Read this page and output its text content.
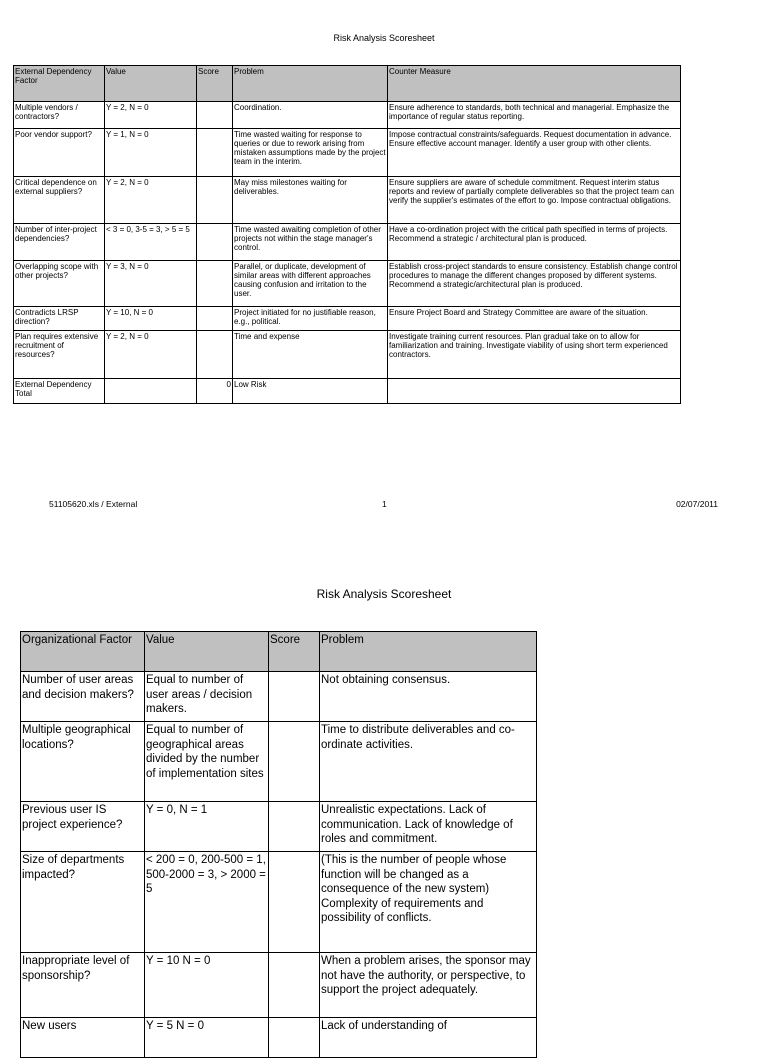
Risk Analysis Scoresheet
External Dependency Factor	Value	Score	Problem	Counter Measure
Multiple vendors / contractors?	Y = 2, N = 0		Coordination.	Ensure adherence to standards, both technical and managerial. Emphasize the importance of regular status reporting.
Poor vendor support?	Y = 1, N = 0		Time wasted waiting for response to queries or due to rework arising from mistaken assumptions made by the project team in the interim.	Impose contractual constraints/safeguards. Request documentation in advance. Ensure effective account manager. Identify a user group with other clients.
Critical dependence on external suppliers?	Y = 2, N = 0		May miss milestones waiting for deliverables.	Ensure suppliers are aware of schedule commitment. Request interim status reports and review of partially complete deliverables so that the project team can verify the supplier's estimates of the effort to go. Impose contractual obligations.
Number of inter-project dependencies?	< 3 = 0, 3-5 = 3, > 5 = 5		Time wasted awaiting completion of other projects not within the stage manager's control.	Have a co-ordination project with the critical path specified in terms of projects. Recommend a strategic / architectural plan is produced.
Overlapping scope with other projects?	Y = 3, N = 0		Parallel, or duplicate, development of similar areas with different approaches causing confusion and irritation to the user.	Establish cross-project standards to ensure consistency. Establish change control procedures to manage the different changes proposed by different systems. Recommend a strategic/architectural plan is produced.
Contradicts LRSP direction?	Y = 10, N = 0		Project initiated for no justifiable reason, e.g., political.	Ensure Project Board and Strategy Committee are aware of the situation.
Plan requires extensive recruitment of resources?	Y = 2, N = 0		Time and expense	Investigate training current resources. Plan gradual take on to allow for familiarization and training. Investigate viability of using short term experienced contractors.
External Dependency Total		0	Low Risk	
51105620.xls / External	1	02/07/2011
Risk Analysis Scoresheet
Organizational Factor	Value	Score	Problem
Number of user areas and decision makers?	Equal to number of user areas / decision makers.		Not obtaining consensus.
Multiple geographical locations?	Equal to number of geographical areas divided by the number of implementation sites		Time to distribute deliverables and co-ordinate activities.
Previous user IS project experience?	Y = 0, N = 1		Unrealistic expectations. Lack of communication. Lack of knowledge of roles and commitment.
Size of departments impacted?	< 200 = 0, 200-500 = 1, 500-2000 = 3, > 2000 = 5		(This is the number of people whose function will be changed as a consequence of the new system) Complexity of requirements and possibility of conflicts.
Inappropriate level of sponsorship?	Y = 10 N = 0		When a problem arises, the sponsor may not have the authority, or perspective, to support the project adequately.
New users	Y = 5 N = 0		Lack of understanding of
